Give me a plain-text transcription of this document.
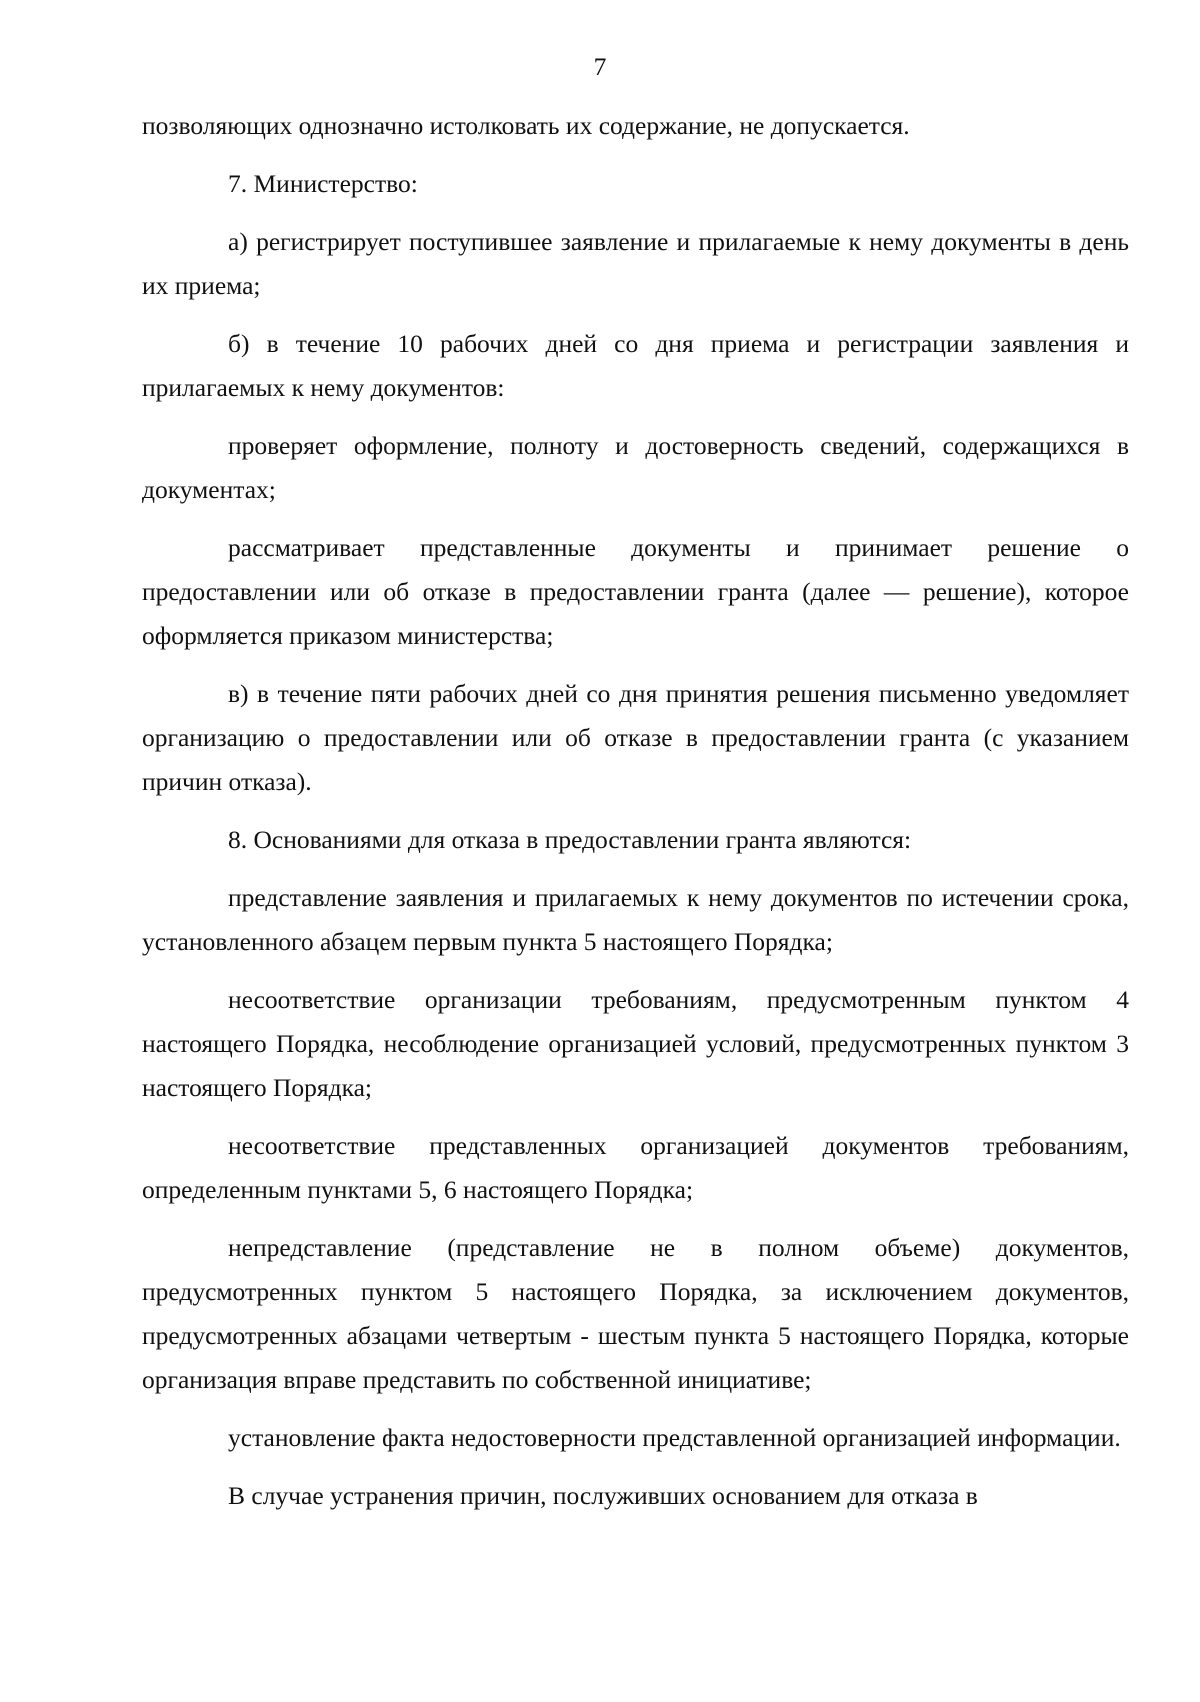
7

позволяющих однозначно истолковать их содержание, не допускается.

7. Министерство:

а) регистрирует поступившее заявление и прилагаемые к нему документы в день их приема;

б) в течение 10 рабочих дней со дня приема и регистрации заявления и прилагаемых к нему документов:

проверяет оформление, полноту и достоверность сведений, содержащихся в документах;

рассматривает представленные документы и принимает решение о предоставлении или об отказе в предоставлении гранта (далее — решение), которое оформляется приказом министерства;

в) в течение пяти рабочих дней со дня принятия решения письменно уведомляет организацию о предоставлении или об отказе в предоставлении гранта (с указанием причин отказа).

8. Основаниями для отказа в предоставлении гранта являются:

представление заявления и прилагаемых к нему документов по истечении срока, установленного абзацем первым пункта 5 настоящего Порядка;

несоответствие организации требованиям, предусмотренным пунктом 4 настоящего Порядка, несоблюдение организацией условий, предусмотренных пунктом 3 настоящего Порядка;

несоответствие представленных организацией документов требованиям, определенным пунктами 5, 6 настоящего Порядка;

непредставление (представление не в полном объеме) документов, предусмотренных пунктом 5 настоящего Порядка, за исключением документов, предусмотренных абзацами четвертым - шестым пункта 5 настоящего Порядка, которые организация вправе представить по собственной инициативе;

установление факта недостоверности представленной организацией информации.

В случае устранения причин, послуживших основанием для отказа в
